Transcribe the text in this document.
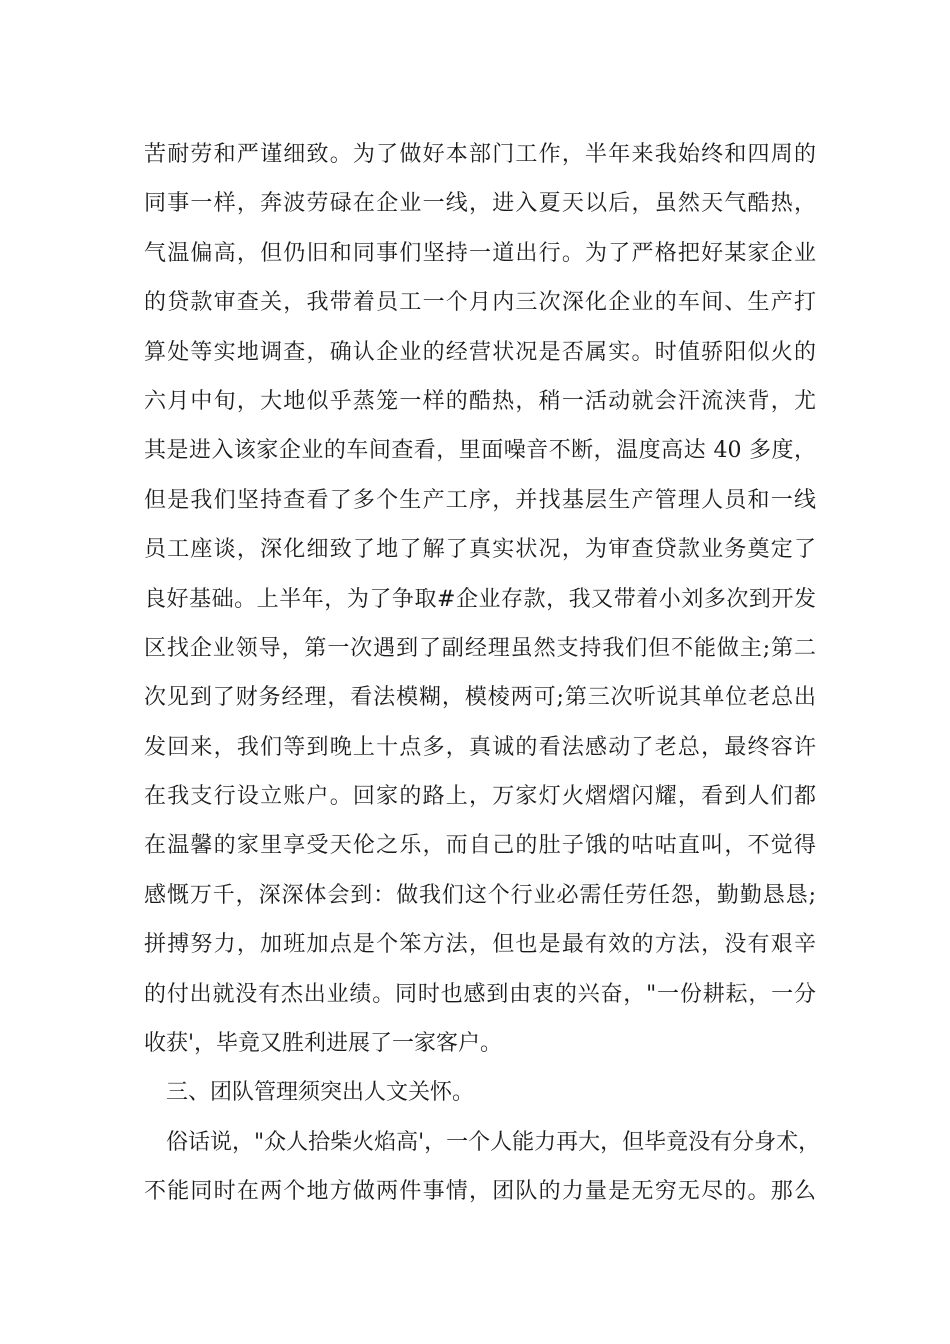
苦耐劳和严谨细致。为了做好本部门工作，半年来我始终和四周的
同事一样，奔波劳碌在企业一线，进入夏天以后，虽然天气酷热，
气温偏高，但仍旧和同事们坚持一道出行。为了严格把好某家企业
的贷款审查关，我带着员工一个月内三次深化企业的车间、生产打
算处等实地调查，确认企业的经营状况是否属实。时值骄阳似火的
六月中旬，大地似乎蒸笼一样的酷热，稍一活动就会汗流浃背，尤
其是进入该家企业的车间查看，里面噪音不断，温度高达 40 多度，
但是我们坚持查看了多个生产工序，并找基层生产管理人员和一线
员工座谈，深化细致了地了解了真实状况，为审查贷款业务奠定了
良好基础。上半年，为了争取#企业存款，我又带着小刘多次到开发
区找企业领导，第一次遇到了副经理虽然支持我们但不能做主;第二
次见到了财务经理，看法模糊，模棱两可;第三次听说其单位老总出
发回来，我们等到晚上十点多，真诚的看法感动了老总，最终容许
在我支行设立账户。回家的路上，万家灯火熠熠闪耀，看到人们都
在温馨的家里享受天伦之乐，而自己的肚子饿的咕咕直叫，不觉得
感慨万千，深深体会到：做我们这个行业必需任劳任怨，勤勤恳恳;
拼搏努力，加班加点是个笨方法，但也是最有效的方法，没有艰辛
的付出就没有杰出业绩。同时也感到由衷的兴奋，"一份耕耘，一分
收获'，毕竟又胜利进展了一家客户。
三、团队管理须突出人文关怀。
俗话说，"众人拾柴火焰高'，一个人能力再大，但毕竟没有分身术，
不能同时在两个地方做两件事情，团队的力量是无穷无尽的。那么
